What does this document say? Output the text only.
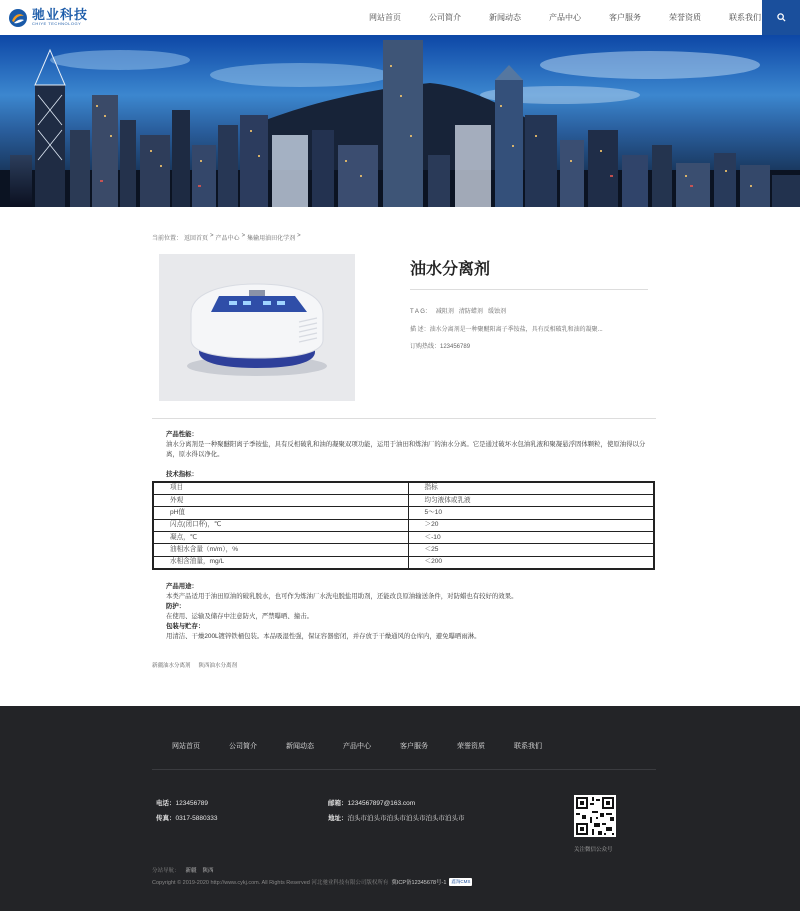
驰业科技
CHIYE TECHNOLOGY
网站首页	公司简介	新闻动态	产品中心	客户服务	荣誉资质	联系我们
当前位置： 返回首页 > 产品中心 > 集输用油田化学剂 >
油水分离剂
T A G： 减阻剂 清防蜡剂 缓蚀剂
描 述：油水分离剂是一种聚醚阳离子季铵盐，具有反相破乳和油的凝聚...
订购热线：123456789
产品性能：
油水分离剂是一种聚醚阳离子季铵盐，具有反相破乳和油的凝聚双项功能，运用于油田和炼油厂的油水分离。它是通过破坏水包油乳液和聚凝悬浮固体颗粒，使原油得以分离，原水得以净化。
技术指标：
项目	指标
外观	均匀液体或乳液
pH值	5～10
闪点(闭口杯)，℃	＞20
凝点，℃	＜-10
油相水含量（m/m），%	＜25
水相含油量，mg/L	＜200
产品用途：
本类产品适用于油田原油的破乳脱水，也可作为炼油厂水洗电脱盐用助剂，还能改良原油输送条件，对防蜡也有较好的效果。
防护：
在使用、运输及储存中注意防火，严禁曝晒、撞击。
包装与贮存：
用清洁、干燥200L镀锌铁桶包装。本品吸湿性强，保证容器密闭，并存放于干燥通风的仓库内，避免曝晒雨淋。
新疆油水分离剂 陕西油水分离剂
网站首页	公司简介	新闻动态	产品中心	客户服务	荣誉资质	联系我们
电话：123456789
传真：0317-5880333
邮箱：1234567897@163.com
地址：泊头市泊头市泊头市泊头市泊头市泊头市
关注微信公众号
分站导航： 新疆 陕西
Copyright © 2019-2020 http://www.cykj.com. All Rights Reserved 河北驰业科技有限公司版权所有 冀ICP备12345678号-1	鑫淘CMS
